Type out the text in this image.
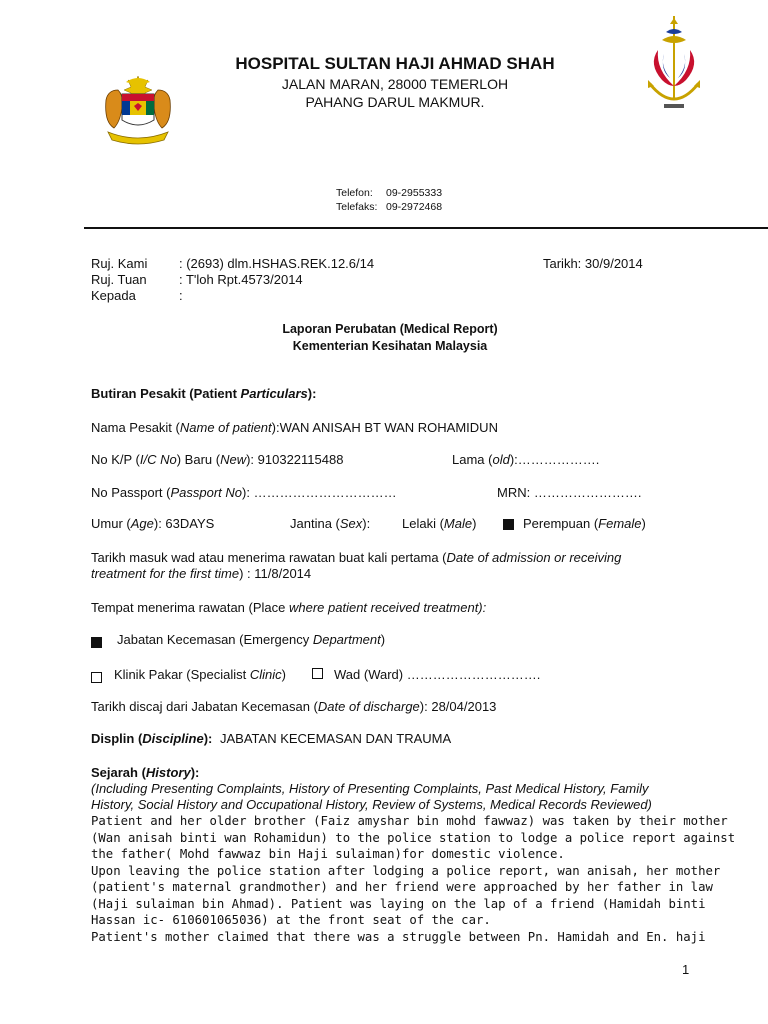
HOSPITAL SULTAN HAJI AHMAD SHAH
JALAN MARAN, 28000 TEMERLOH
PAHANG DARUL MAKMUR.
Telefon: 09-2955333
Telefaks: 09-2972468
Ruj. Kami : (2693) dlm.HSHAS.REK.12.6/14	Tarikh: 30/9/2014
Ruj. Tuan : T'loh Rpt.4573/2014
Kepada	:
Laporan Perubatan (Medical Report)
Kementerian Kesihatan Malaysia
Butiran Pesakit (Patient Particulars):
Nama Pesakit (Name of patient):WAN ANISAH BT WAN ROHAMIDUN
No K/P (I/C No) Baru (New): 910322115488	Lama (old):……………….
No Passport (Passport No): ……………………………	MRN: …………………….
Umur (Age): 63DAYS	Jantina (Sex): Lelaki (Male)	Perempuan (Female)
Tarikh masuk wad atau menerima rawatan buat kali pertama (Date of admission or receiving
treatment for the first time) : 11/8/2014
Tempat menerima rawatan (Place where patient received treatment):
Jabatan Kecemasan (Emergency Department)
Klinik Pakar (Specialist Clinic)	Wad (Ward) ………………………….
Tarikh discaj dari Jabatan Kecemasan (Date of discharge): 28/04/2013
Displin (Discipline): JABATAN KECEMASAN DAN TRAUMA
Sejarah (History):
(Including Presenting Complaints, History of Presenting Complaints, Past Medical History, Family
History, Social History and Occupational History, Review of Systems, Medical Records Reviewed)
Patient and her older brother (Faiz amyshar bin mohd fawwaz) was taken by their mother
(Wan anisah binti wan Rohamidun) to the police station to lodge a police report against
the father( Mohd fawwaz bin Haji sulaiman)for domestic violence.
Upon leaving the police station after lodging a police report, wan anisah, her mother
(patient's maternal grandmother) and her friend were approached by her father in law
(Haji sulaiman bin Ahmad). Patient was laying on the lap of a friend (Hamidah binti
Hassan ic- 610601065036) at the front seat of the car.
Patient's mother claimed that there was a struggle between Pn. Hamidah and En. haji
1
